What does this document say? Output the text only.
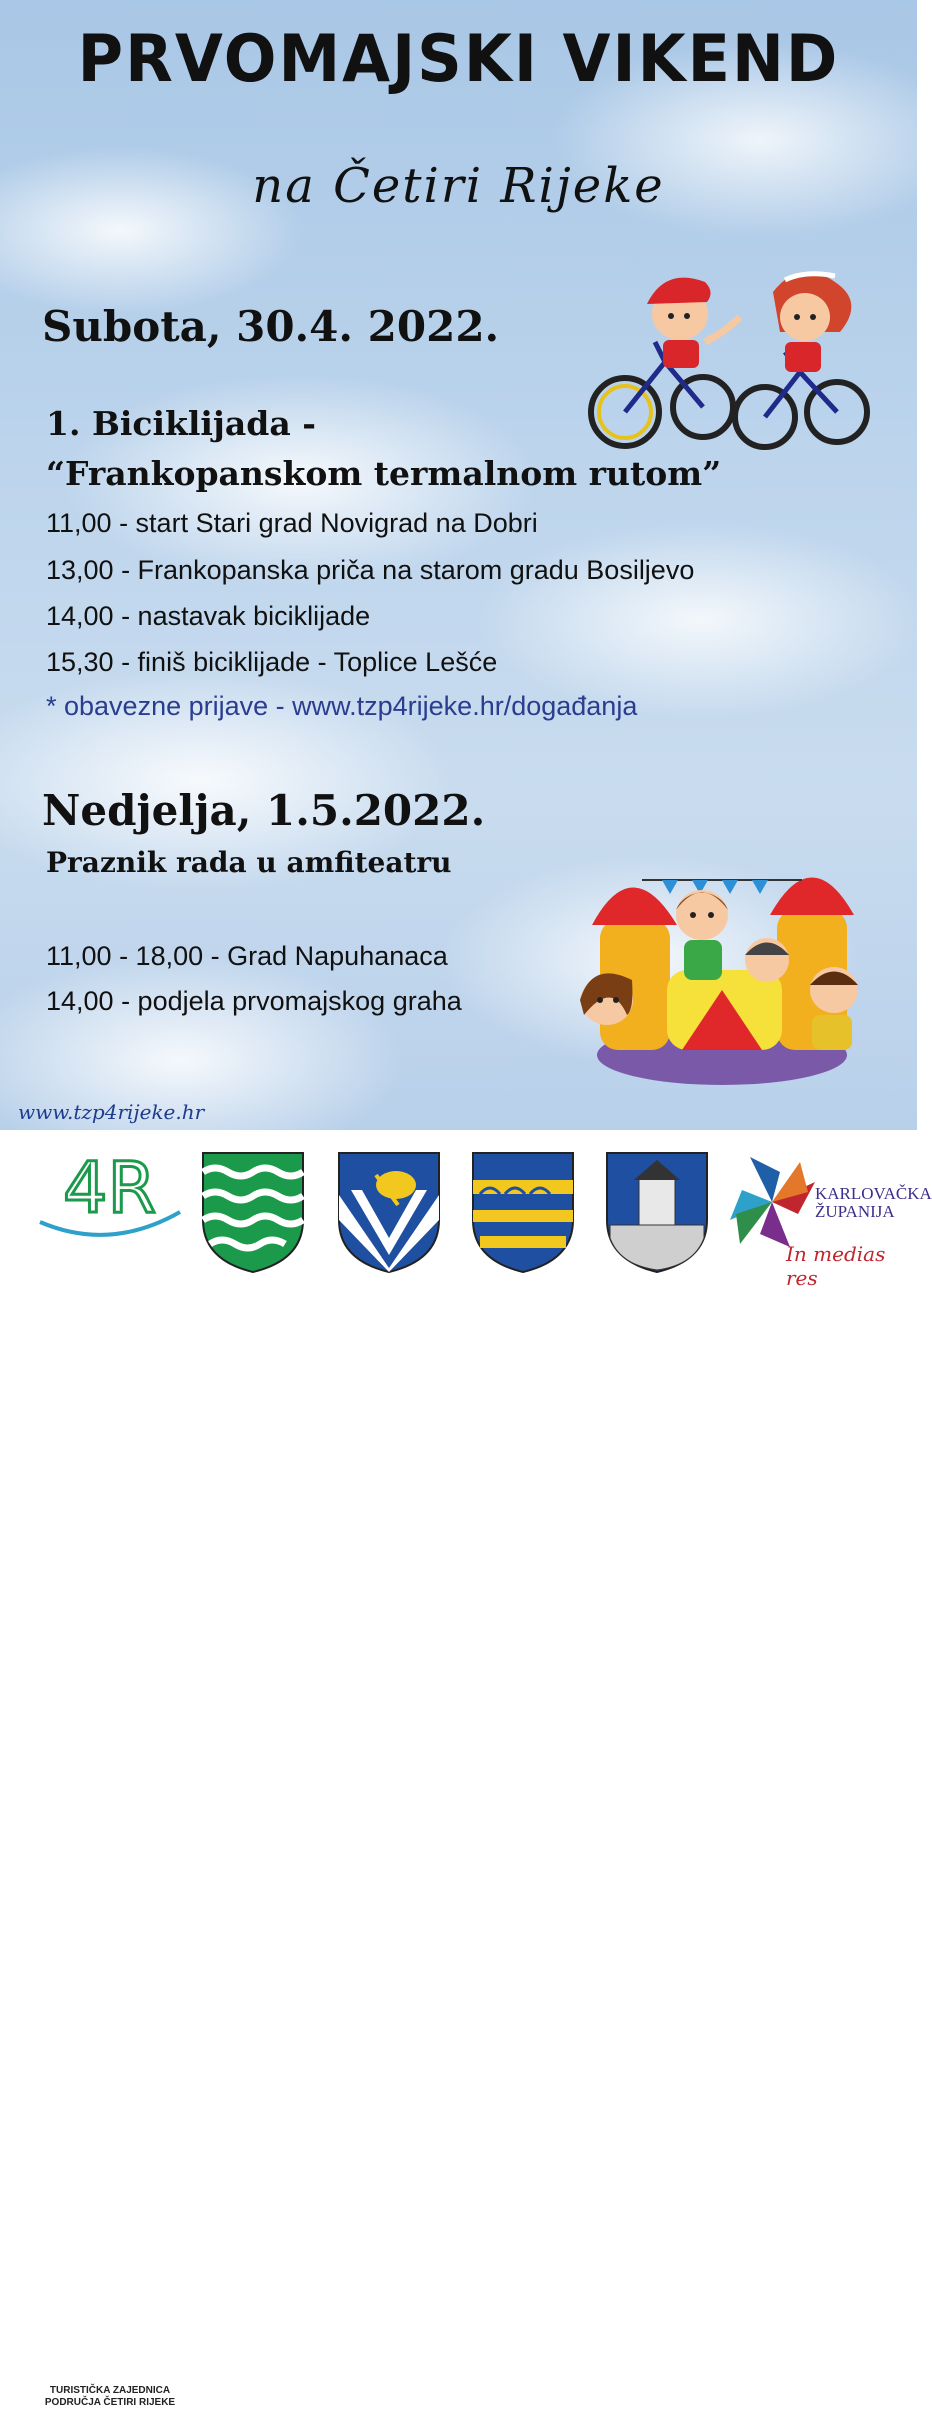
PRVOMAJSKI VIKEND
na Četiri Rijeke
Subota, 30.4. 2022.
1. Biciklijada -
“Frankopanskom termalnom rutom”
11,00 - start Stari grad Novigrad na Dobri
13,00 - Frankopanska priča na starom gradu Bosiljevo
14,00 - nastavak biciklijade
15,30 - finiš biciklijade - Toplice Lešće
* obavezne prijave - www.tzp4rijeke.hr/događanja
Nedjelja, 1.5.2022.
Praznik rada u amfiteatru
11,00 - 18,00 - Grad Napuhanaca
14,00 - podjela prvomajskog graha
www.tzp4rijeke.hr
4R
TURISTIČKA ZAJEDNICA
PODRUČJA ČETIRI RIJEKE
KARLOVAČKA
ŽUPANIJA
In medias res
